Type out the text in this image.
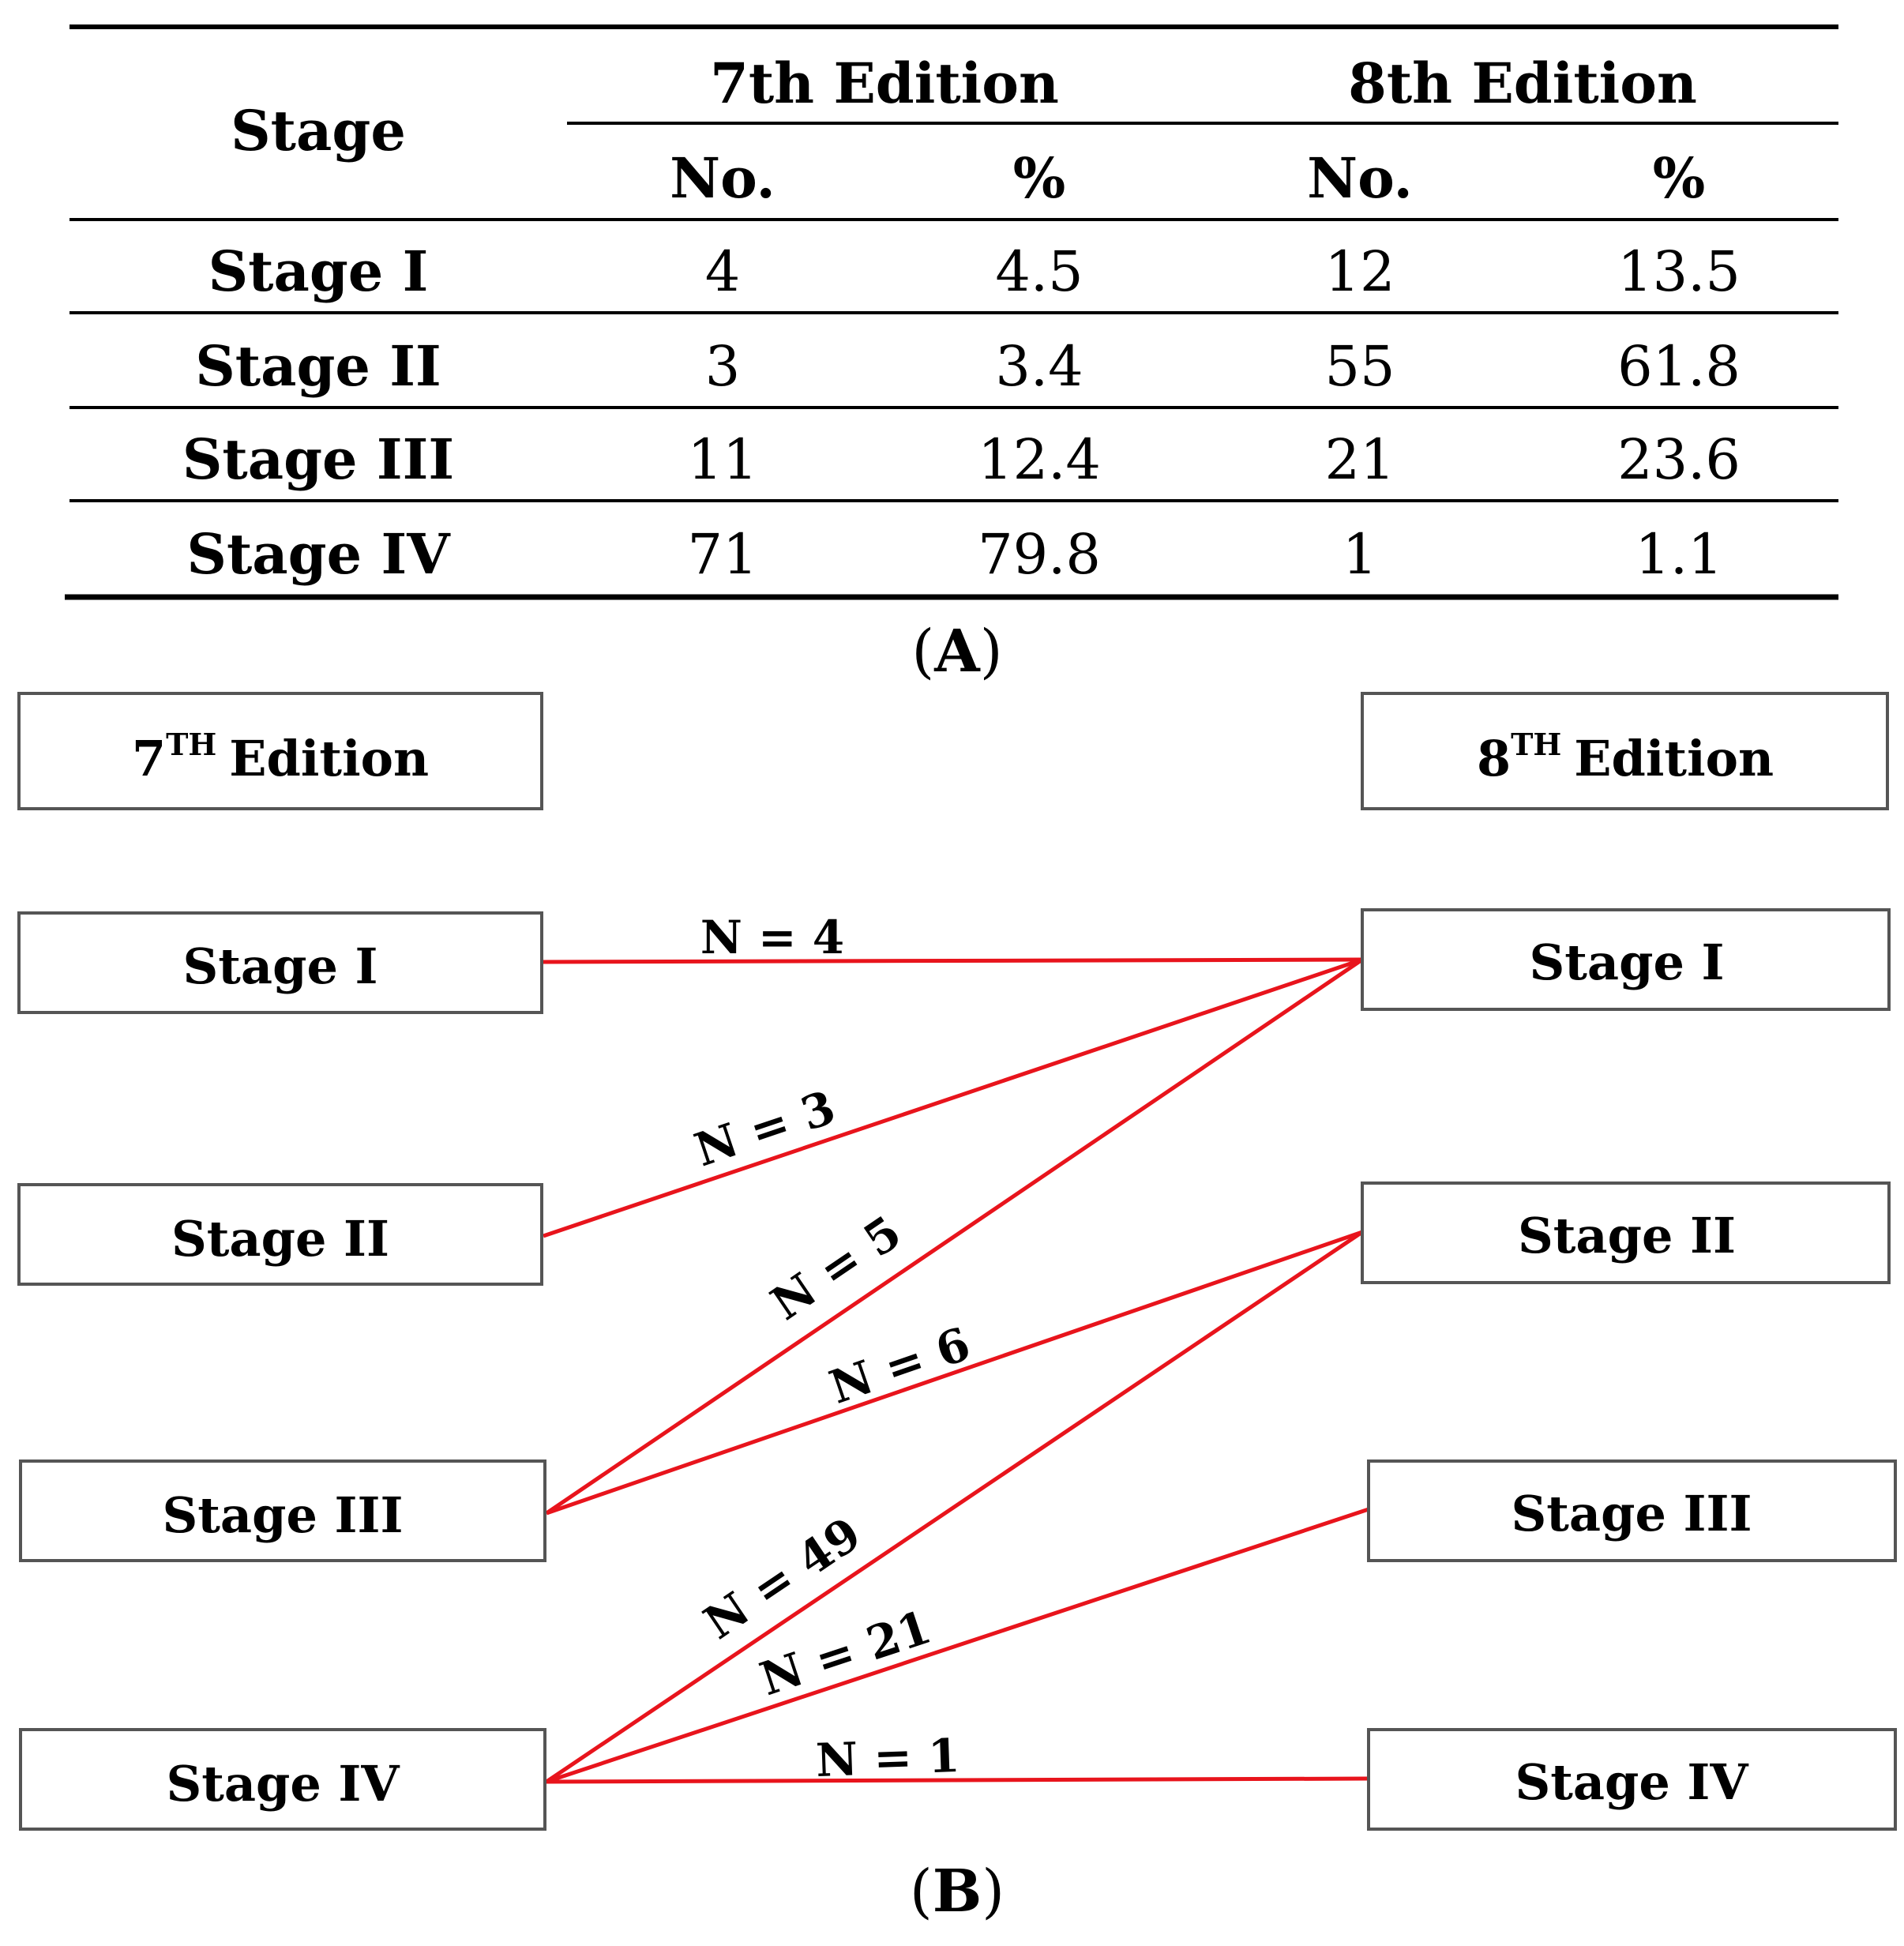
Stage
7th Edition	8th Edition
No.	%	No.	%
Stage I	4	4.5	12	13.5
Stage II	3	3.4	55	61.8
Stage III	11	12.4	21	23.6
Stage IV	71	79.8	1	1.1
(A)
N = 4
N = 3
N = 5
N = 6
N = 49
N = 21
N = 1
7TH Edition
Stage I
Stage II
Stage III
Stage IV
8TH Edition
Stage I
Stage II
Stage III
Stage IV
(B)
